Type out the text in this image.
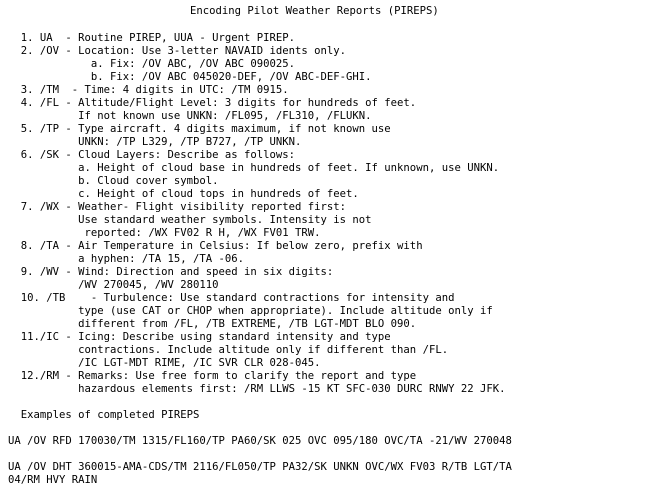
Encoding Pilot Weather Reports (PIREPS)

1. UA  - Routine PIREP, UUA - Urgent PIREP.
2. /OV - Location: Use 3-letter NAVAID idents only.
a. Fix: /OV ABC, /OV ABC 090025.
b. Fix: /OV ABC 045020-DEF, /OV ABC-DEF-GHI.
3. /TM  - Time: 4 digits in UTC: /TM 0915.
4. /FL - Altitude/Flight Level: 3 digits for hundreds of feet.
If not known use UNKN: /FL095, /FL310, /FLUKN.
5. /TP - Type aircraft. 4 digits maximum, if not known use
UNKN: /TP L329, /TP B727, /TP UNKN.
6. /SK - Cloud Layers: Describe as follows:
a. Height of cloud base in hundreds of feet. If unknown, use UNKN.
b. Cloud cover symbol.
c. Height of cloud tops in hundreds of feet.
7. /WX - Weather- Flight visibility reported first:
Use standard weather symbols. Intensity is not
reported: /WX FV02 R H, /WX FV01 TRW.
8. /TA - Air Temperature in Celsius: If below zero, prefix with
a hyphen: /TA 15, /TA -06.
9. /WV - Wind: Direction and speed in six digits:
/WV 270045, /WV 280110
10. /TB    - Turbulence: Use standard contractions for intensity and
type (use CAT or CHOP when appropriate). Include altitude only if
different from /FL, /TB EXTREME, /TB LGT-MDT BLO 090.
11./IC - Icing: Describe using standard intensity and type
contractions. Include altitude only if different than /FL.
/IC LGT-MDT RIME, /IC SVR CLR 028-045.
12./RM - Remarks: Use free form to clarify the report and type
hazardous elements first: /RM LLWS -15 KT SFC-030 DURC RNWY 22 JFK.
Examples of completed PIREPS
UA /OV RFD 170030/TM 1315/FL160/TP PA60/SK 025 OVC 095/180 OVC/TA -21/WV 270048
UA /OV DHT 360015-AMA-CDS/TM 2116/FL050/TP PA32/SK UNKN OVC/WX FV03 R/TB LGT/TA
04/RM HVY RAIN
